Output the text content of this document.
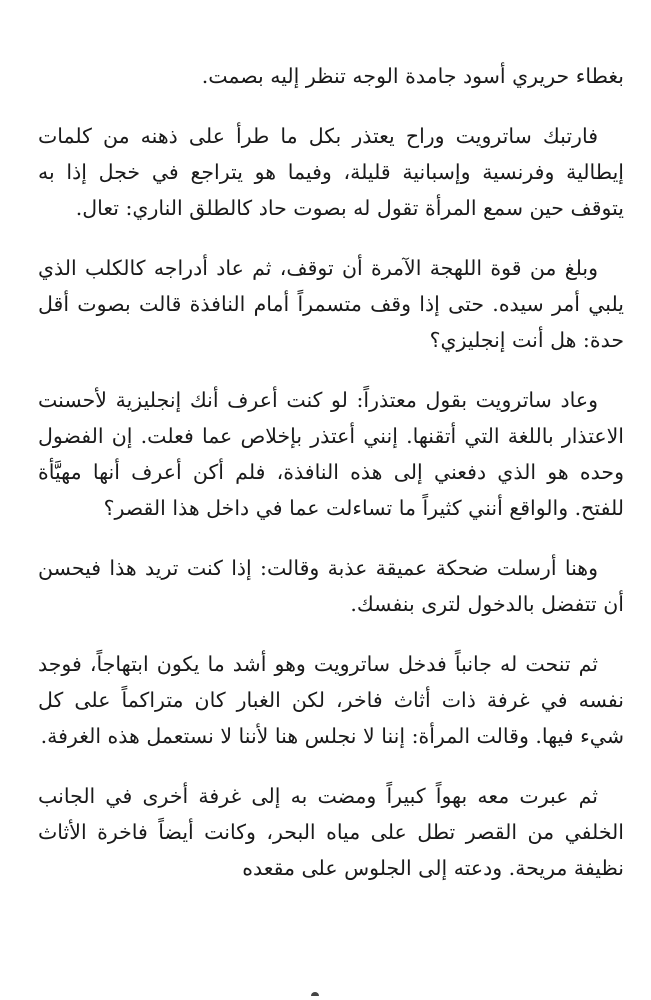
بغطاء حريري أسود جامدة الوجه تنظر إليه بصمت.

فارتبك ساترويت وراح يعتذر بكل ما طرأ على ذهنه من كلمات إيطالية وفرنسية وإسبانية قليلة، وفيما هو يتراجع في خجل إذا به يتوقف حين سمع المرأة تقول له بصوت حاد كالطلق الناري: تعال.

وبلغ من قوة اللهجة الآمرة أن توقف، ثم عاد أدراجه كالكلب الذي يلبي أمر سيده. حتى إذا وقف متسمراً أمام النافذة قالت بصوت أقل حدة: هل أنت إنجليزي؟

وعاد ساترويت بقول معتذراً: لو كنت أعرف أنك إنجليزية لأحسنت الاعتذار باللغة التي أتقنها. إنني أعتذر بإخلاص عما فعلت. إن الفضول وحده هو الذي دفعني إلى هذه النافذة، فلم أكن أعرف أنها مهيَّأة للفتح. والواقع أنني كثيراً ما تساءلت عما في داخل هذا القصر؟

وهنا أرسلت ضحكة عميقة عذبة وقالت: إذا كنت تريد هذا فيحسن أن تتفضل بالدخول لترى بنفسك.

ثم تنحت له جانباً فدخل ساترويت وهو أشد ما يكون ابتهاجاً، فوجد نفسه في غرفة ذات أثاث فاخر، لكن الغبار كان متراكماً على كل شيء فيها. وقالت المرأة: إننا لا نجلس هنا لأننا لا نستعمل هذه الغرفة.

ثم عبرت معه بهواً كبيراً ومضت به إلى غرفة أخرى في الجانب الخلفي من القصر تطل على مياه البحر، وكانت أيضاً فاخرة الأثاث نظيفة مريحة. ودعته إلى الجلوس على مقعده
